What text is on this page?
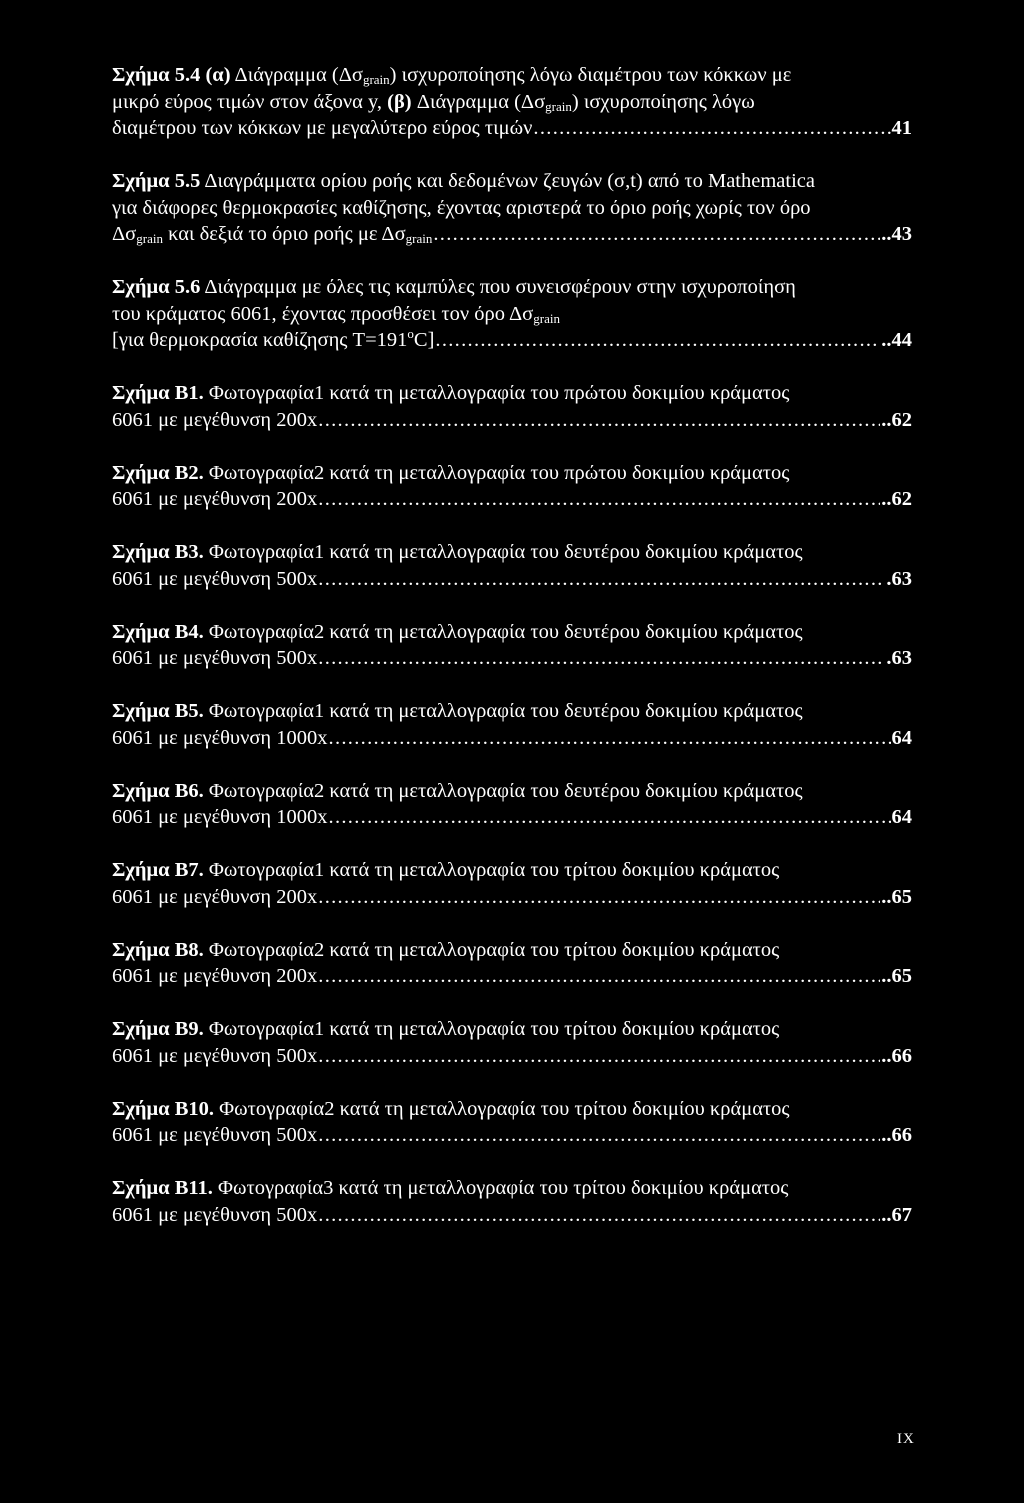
Σχήμα 5.4 (α) Διάγραμμα $(\Delta\sigma_{grain})$ ισχυροποίησης λόγω διαμέτρου των κόκκων με
μικρό εύρος τιμών στον άξονα y, (β) Διάγραμμα $(\Delta\sigma_{grain})$ ισχυροποίησης λόγω
διαμέτρου των κόκκων με μεγαλύτερο εύρος τιμών .....	41
Σχήμα 5.5 Διαγράμματα ορίου ροής και δεδομένων ζευγών (σ,t) από το Mathematica
για διάφορες θερμοκρασίες καθίζησης, έχοντας αριστερά το όριο ροής χωρίς τον όρο
$\Delta\sigma_{grain}$ και δεξιά το όριο ροής με $\Delta\sigma_{grain}$ .....	..43
Σχήμα 5.6 Διάγραμμα με όλες τις καμπύλες που συνεισφέρουν στην ισχυροποίηση
του κράματος 6061, έχοντας προσθέσει τον όρο $\Delta\sigma_{grain}$
[για θερμοκρασία καθίζησης $T=191^oC$] .....	..44
Σχήμα B1. Φωτογραφία1 κατά τη μεταλλογραφία του πρώτου δοκιμίου κράματος
6061 με μεγέθυνση 200x .....	..62
Σχήμα B2. Φωτογραφία2 κατά τη μεταλλογραφία του πρώτου δοκιμίου κράματος
6061 με μεγέθυνση 200x .....	..62
Σχήμα B3. Φωτογραφία1 κατά τη μεταλλογραφία του δευτέρου δοκιμίου κράματος
6061 με μεγέθυνση 500x .....	.63
Σχήμα B4. Φωτογραφία2 κατά τη μεταλλογραφία του δευτέρου δοκιμίου κράματος
6061 με μεγέθυνση 500x .....	.63
Σχήμα B5. Φωτογραφία1 κατά τη μεταλλογραφία του δευτέρου δοκιμίου κράματος
6061 με μεγέθυνση 1000x .....	64
Σχήμα B6. Φωτογραφία2 κατά τη μεταλλογραφία του δευτέρου δοκιμίου κράματος
6061 με μεγέθυνση 1000x .....	64
Σχήμα B7. Φωτογραφία1 κατά τη μεταλλογραφία του τρίτου δοκιμίου κράματος
6061 με μεγέθυνση 200x .....	..65
Σχήμα B8. Φωτογραφία2 κατά τη μεταλλογραφία του τρίτου δοκιμίου κράματος
6061 με μεγέθυνση 200x .....	..65
Σχήμα B9. Φωτογραφία1 κατά τη μεταλλογραφία του τρίτου δοκιμίου κράματος
6061 με μεγέθυνση 500x .....	..66
Σχήμα B10. Φωτογραφία2 κατά τη μεταλλογραφία του τρίτου δοκιμίου κράματος
6061 με μεγέθυνση 500x .....	..66
Σχήμα B11. Φωτογραφία3 κατά τη μεταλλογραφία του τρίτου δοκιμίου κράματος
6061 με μεγέθυνση 500x .....	..67
IX
